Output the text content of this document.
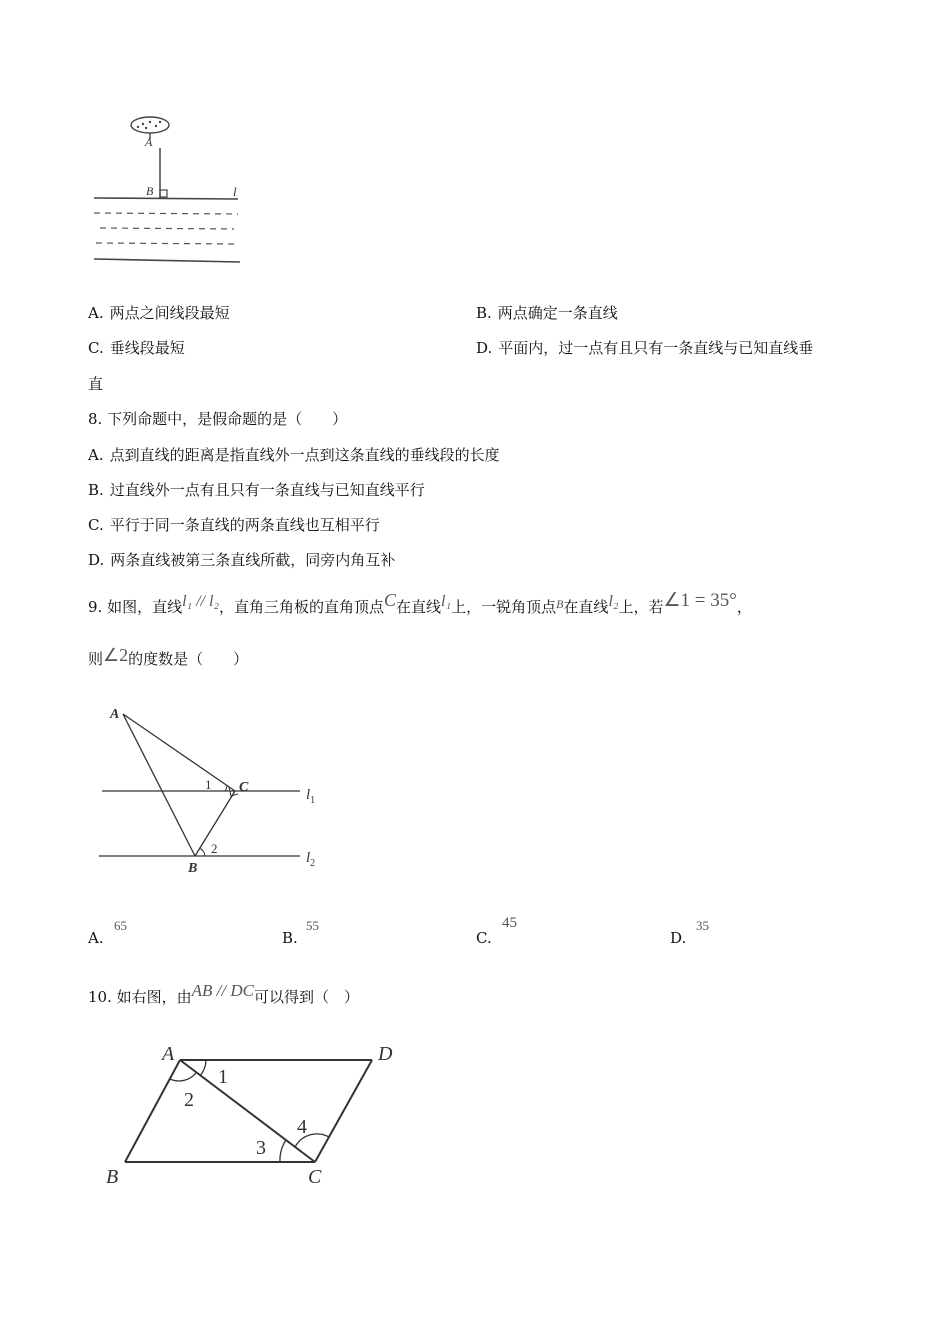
A
B	l
A. 两点之间线段最短	B. 两点确定一条直线
C. 垂线段最短	D. 平面内，过一点有且只有一条直线与已知直线垂
直
8. 下列命题中，是假命题的是（　　）
A. 点到直线的距离是指直线外一点到这条直线的垂线段的长度
B. 过直线外一点有且只有一条直线与已知直线平行
C. 平行于同一条直线的两条直线也互相平行
D. 两条直线被第三条直线所截，同旁内角互补
9. 如图，直线l₁ // l₂，直角三角板的直角顶点C在直线l₁上，一锐角顶点$^B$在直线l₂上，若∠1 = 35°，
则∠2的度数是（　　）
A
1 C
2
B
$l_1$
$l_2$
A.
65
B.
55
C.
45
D.
35
10. 如右图，由AB // DC可以得到（　）
A	D
B	C
1
2
3
4
